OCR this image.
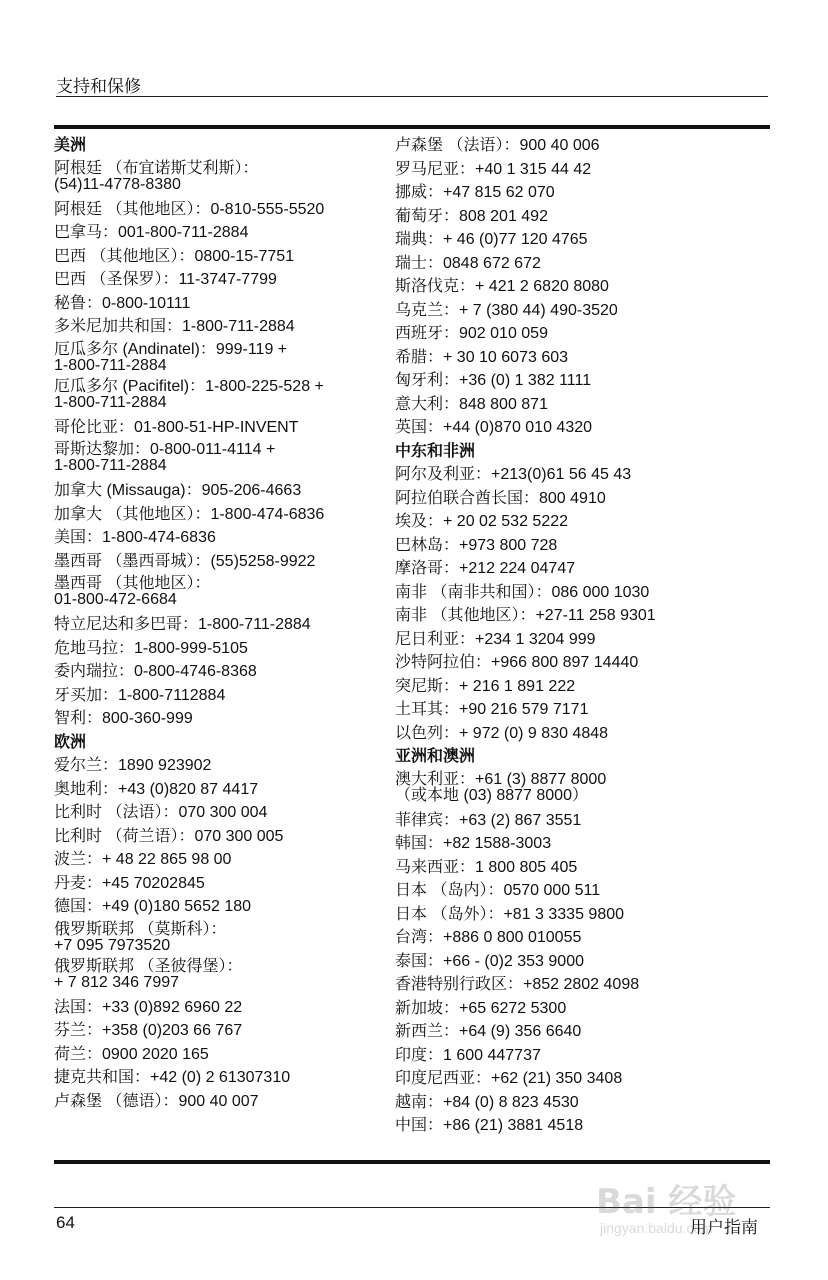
支持和保修
美洲
阿根廷 （布宜诺斯艾利斯）：
(54)11-4778-8380
阿根廷 （其他地区）：0-810-555-5520
巴拿马：001-800-711-2884
巴西 （其他地区）：0800-15-7751
巴西 （圣保罗）：11-3747-7799
秘鲁：0-800-10111
多米尼加共和国：1-800-711-2884
厄瓜多尔 (Andinatel)：999-119 +
1-800-711-2884
厄瓜多尔 (Pacifitel)：1-800-225-528 +
1-800-711-2884
哥伦比亚：01-800-51-HP-INVENT
哥斯达黎加：0-800-011-4114 +
1-800-711-2884
加拿大 (Missauga)：905-206-4663
加拿大 （其他地区）：1-800-474-6836
美国：1-800-474-6836
墨西哥 （墨西哥城）：(55)5258-9922
墨西哥 （其他地区）：
01-800-472-6684
特立尼达和多巴哥：1-800-711-2884
危地马拉：1-800-999-5105
委内瑞拉：0-800-4746-8368
牙买加：1-800-7112884
智利：800-360-999
欧洲
爱尔兰：1890 923902
奥地利：+43 (0)820 87 4417
比利时 （法语）：070 300 004
比利时 （荷兰语）：070 300 005
波兰：+ 48 22 865 98 00
丹麦：+45 70202845
德国：+49 (0)180 5652 180
俄罗斯联邦 （莫斯科）：
+7 095 7973520
俄罗斯联邦 （圣彼得堡）：
+ 7 812 346 7997
法国：+33 (0)892 6960 22
芬兰：+358 (0)203 66 767
荷兰：0900 2020 165
捷克共和国：+42 (0) 2 61307310
卢森堡 （德语）：900 40 007
卢森堡 （法语）：900 40 006
罗马尼亚：+40 1 315 44 42
挪威：+47 815 62 070
葡萄牙：808 201 492
瑞典：+ 46 (0)77 120 4765
瑞士：0848 672 672
斯洛伐克：+ 421 2 6820 8080
乌克兰：+ 7 (380 44) 490-3520
西班牙：902 010 059
希腊：+ 30 10 6073 603
匈牙利：+36 (0) 1 382 1111
意大利：848 800 871
英国：+44 (0)870 010 4320
中东和非洲
阿尔及利亚：+213(0)61 56 45 43
阿拉伯联合酋长国：800 4910
埃及：+ 20 02 532 5222
巴林岛：+973 800 728
摩洛哥：+212 224 04747
南非 （南非共和国）：086 000 1030
南非 （其他地区）：+27-11 258 9301
尼日利亚：+234 1 3204 999
沙特阿拉伯：+966 800 897 14440
突尼斯：+ 216 1 891 222
土耳其：+90 216 579 7171
以色列：+ 972 (0) 9 830 4848
亚洲和澳洲
澳大利亚：+61 (3) 8877 8000
（或本地 (03) 8877 8000）
菲律宾：+63 (2) 867 3551
韩国：+82 1588-3003
马来西亚：1 800 805 405
日本 （岛内）：0570 000 511
日本 （岛外）：+81 3 3335 9800
台湾：+886 0 800 010055
泰国：+66 - (0)2 353 9000
香港特别行政区：+852 2802 4098
新加坡：+65 6272 5300
新西兰：+64 (9) 356 6640
印度：1 600 447737
印度尼西亚：+62 (21) 350 3408
越南：+84 (0) 8 823 4530
中国：+86 (21) 3881 4518
64	用户指南
Bai 经验
jingyan.baidu.com
